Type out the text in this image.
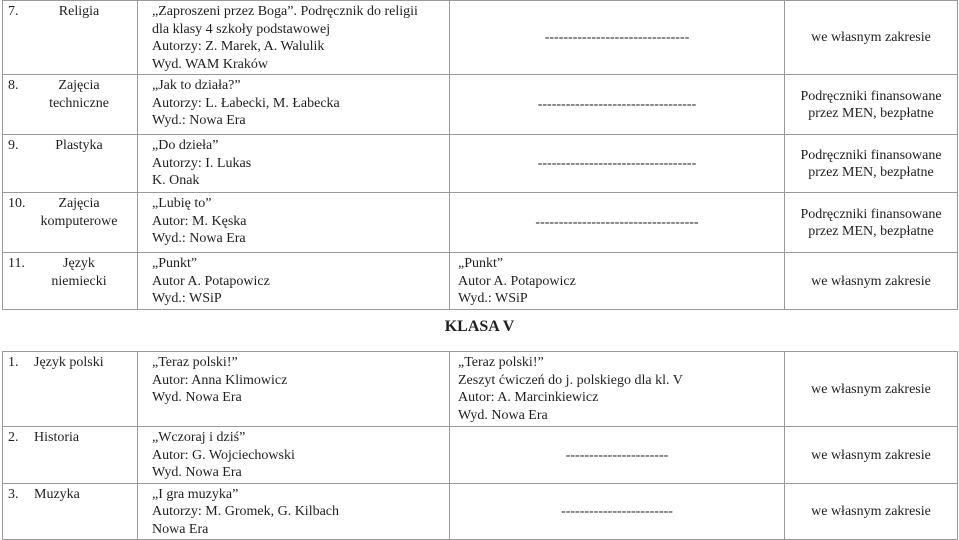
7. Religia	„Zaproszeni przez Boga”. Podręcznik do religii
dla klasy 4 szkoły podstawowej
Autorzy: Z. Marek, A. Walulik
Wyd. WAM Kraków	-------------------------------	we własnym zakresie

8. Zajęcia techniczne	„Jak to działa?”
Autorzy: L. Łabecki, M. Łabecka
Wyd.: Nowa Era	----------------------------------	Podręczniki finansowane
przez MEN, bezpłatne

9. Plastyka	„Do dzieła”
Autorzy: I. Lukas
K. Onak	----------------------------------	Podręczniki finansowane
przez MEN, bezpłatne

10. Zajęcia komputerowe	„Lubię to”
Autor: M. Kęska
Wyd.: Nowa Era	-----------------------------------	Podręczniki finansowane
przez MEN, bezpłatne

11. Język niemiecki	„Punkt”
Autor A. Potapowicz
Wyd.: WSiP	„Punkt”
Autor A. Potapowicz
Wyd.: WSiP	we własnym zakresie
KLASA V
1. Język polski	„Teraz polski!”
Autor: Anna Klimowicz
Wyd. Nowa Era	„Teraz polski!”
Zeszyt ćwiczeń do j. polskiego dla kl. V
Autor: A. Marcinkiewicz
Wyd. Nowa Era	we własnym zakresie

2. Historia	„Wczoraj i dziś”
Autor: G. Wojciechowski
Wyd. Nowa Era	----------------------	we własnym zakresie

3. Muzyka	„I gra muzyka”
Autorzy: M. Gromek, G. Kilbach
Nowa Era	------------------------	we własnym zakresie
